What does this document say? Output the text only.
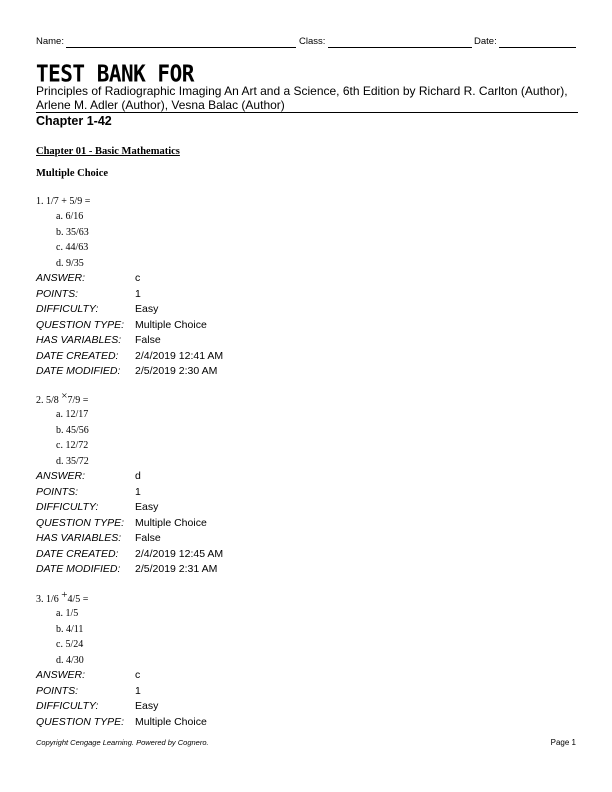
Name:	Class:	Date:
TEST BANK FOR
Principles of Radiographic Imaging An Art and a Science, 6th Edition by Richard R. Carlton (Author), Arlene M. Adler (Author), Vesna Balac (Author)
Chapter 1-42
Chapter 01 - Basic Mathematics
Multiple Choice
1. 1/7 + 5/9 =
a. 6/16
b. 35/63
c. 44/63
d. 9/35
ANSWER:	c
POINTS:	1
DIFFICULTY:	Easy
QUESTION TYPE: Multiple Choice
HAS VARIABLES: False
DATE CREATED: 2/4/2019 12:41 AM
DATE MODIFIED: 2/5/2019 2:30 AM
2. 5/8 ×7/9 =
a. 12/17
b. 45/56
c. 12/72
d. 35/72
ANSWER:	d
POINTS:	1
DIFFICULTY:	Easy
QUESTION TYPE: Multiple Choice
HAS VARIABLES: False
DATE CREATED: 2/4/2019 12:45 AM
DATE MODIFIED: 2/5/2019 2:31 AM
3. 1/6 +4/5 =
a. 1/5
b. 4/11
c. 5/24
d. 4/30
ANSWER:	c
POINTS:	1
DIFFICULTY:	Easy
QUESTION TYPE: Multiple Choice
Copyright Cengage Learning. Powered by Cognero.	Page 1
